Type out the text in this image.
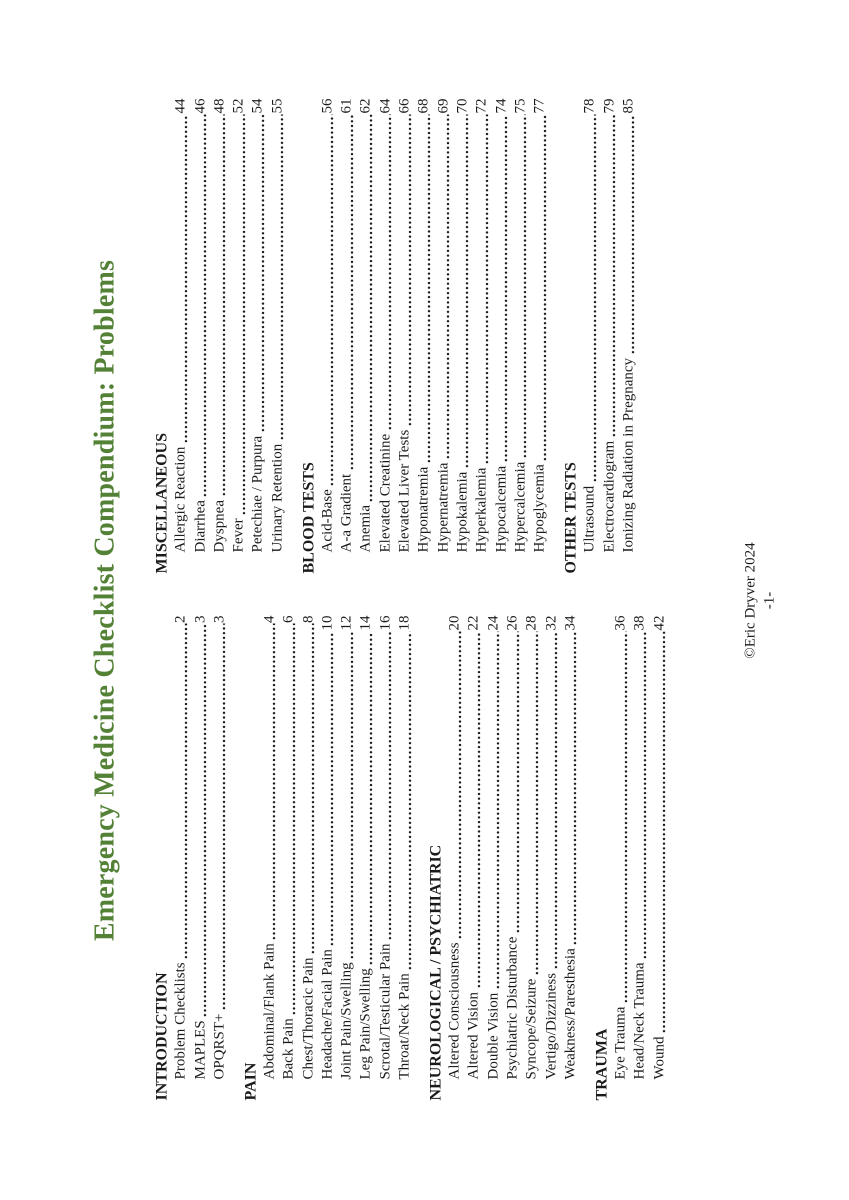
Emergency Medicine Checklist Compendium: Problems
INTRODUCTION Problem Checklists
2
MAPLES
3
OPQRST+
3
PAIN
Abdominal/Flank Pain
4
Back Pain
6
Chest/Thoracic Pain
8
Headache/Facial Pain
10
Joint Pain/Swelling
12
Leg Pain/Swelling
14
Scrotal/Testicular Pain
16
Throat/Neck Pain
18
NEUROLOGICAL / PSYCHIATRIC Altered Consciousness
20
Altered Vision
22
Double Vision
24
Psychiatric Disturbance
26
Syncope/Seizure
28
Vertigo/Dizziness
32
Weakness/Paresthesia
34
TRAUMA Eye Trauma
36
Head/Neck Trauma
38
Wound
42
MISCELLANEOUS Allergic Reaction
44
Diarrhea
46
Dyspnea
48
Fever
52
Petechiae / Purpura
54
Urinary Retention
55
BLOOD TESTS Acid-Base
56
A-a Gradient
61
Anemia
62
Elevated Creatinine
64
Elevated Liver Tests
66
Hyponatremia
68
Hypernatremia
69
Hypokalemia
70
Hyperkalemia
72
Hypocalcemia
74
Hypercalcemia
75
Hypoglycemia
77
OTHER TESTS Ultrasound
78
Electrocardiogram
79
Ionizing Radiation in Pregnancy
85
©Eric Dryver 2024 -1-
